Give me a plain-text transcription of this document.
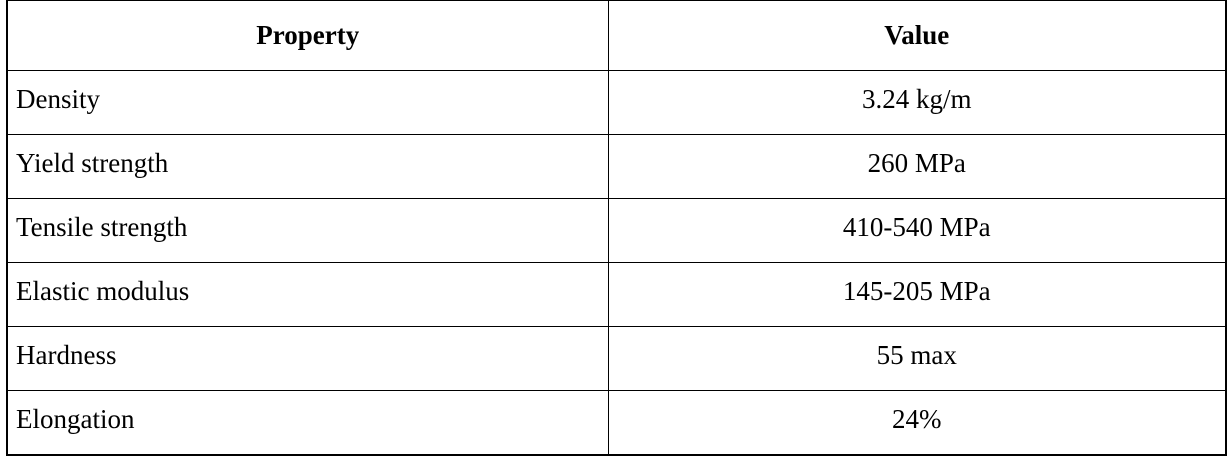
Property	Value
Density	3.24 kg/m
Yield strength	260 MPa
Tensile strength	410-540 MPa
Elastic modulus	145-205 MPa
Hardness	55 max
Elongation	24%
